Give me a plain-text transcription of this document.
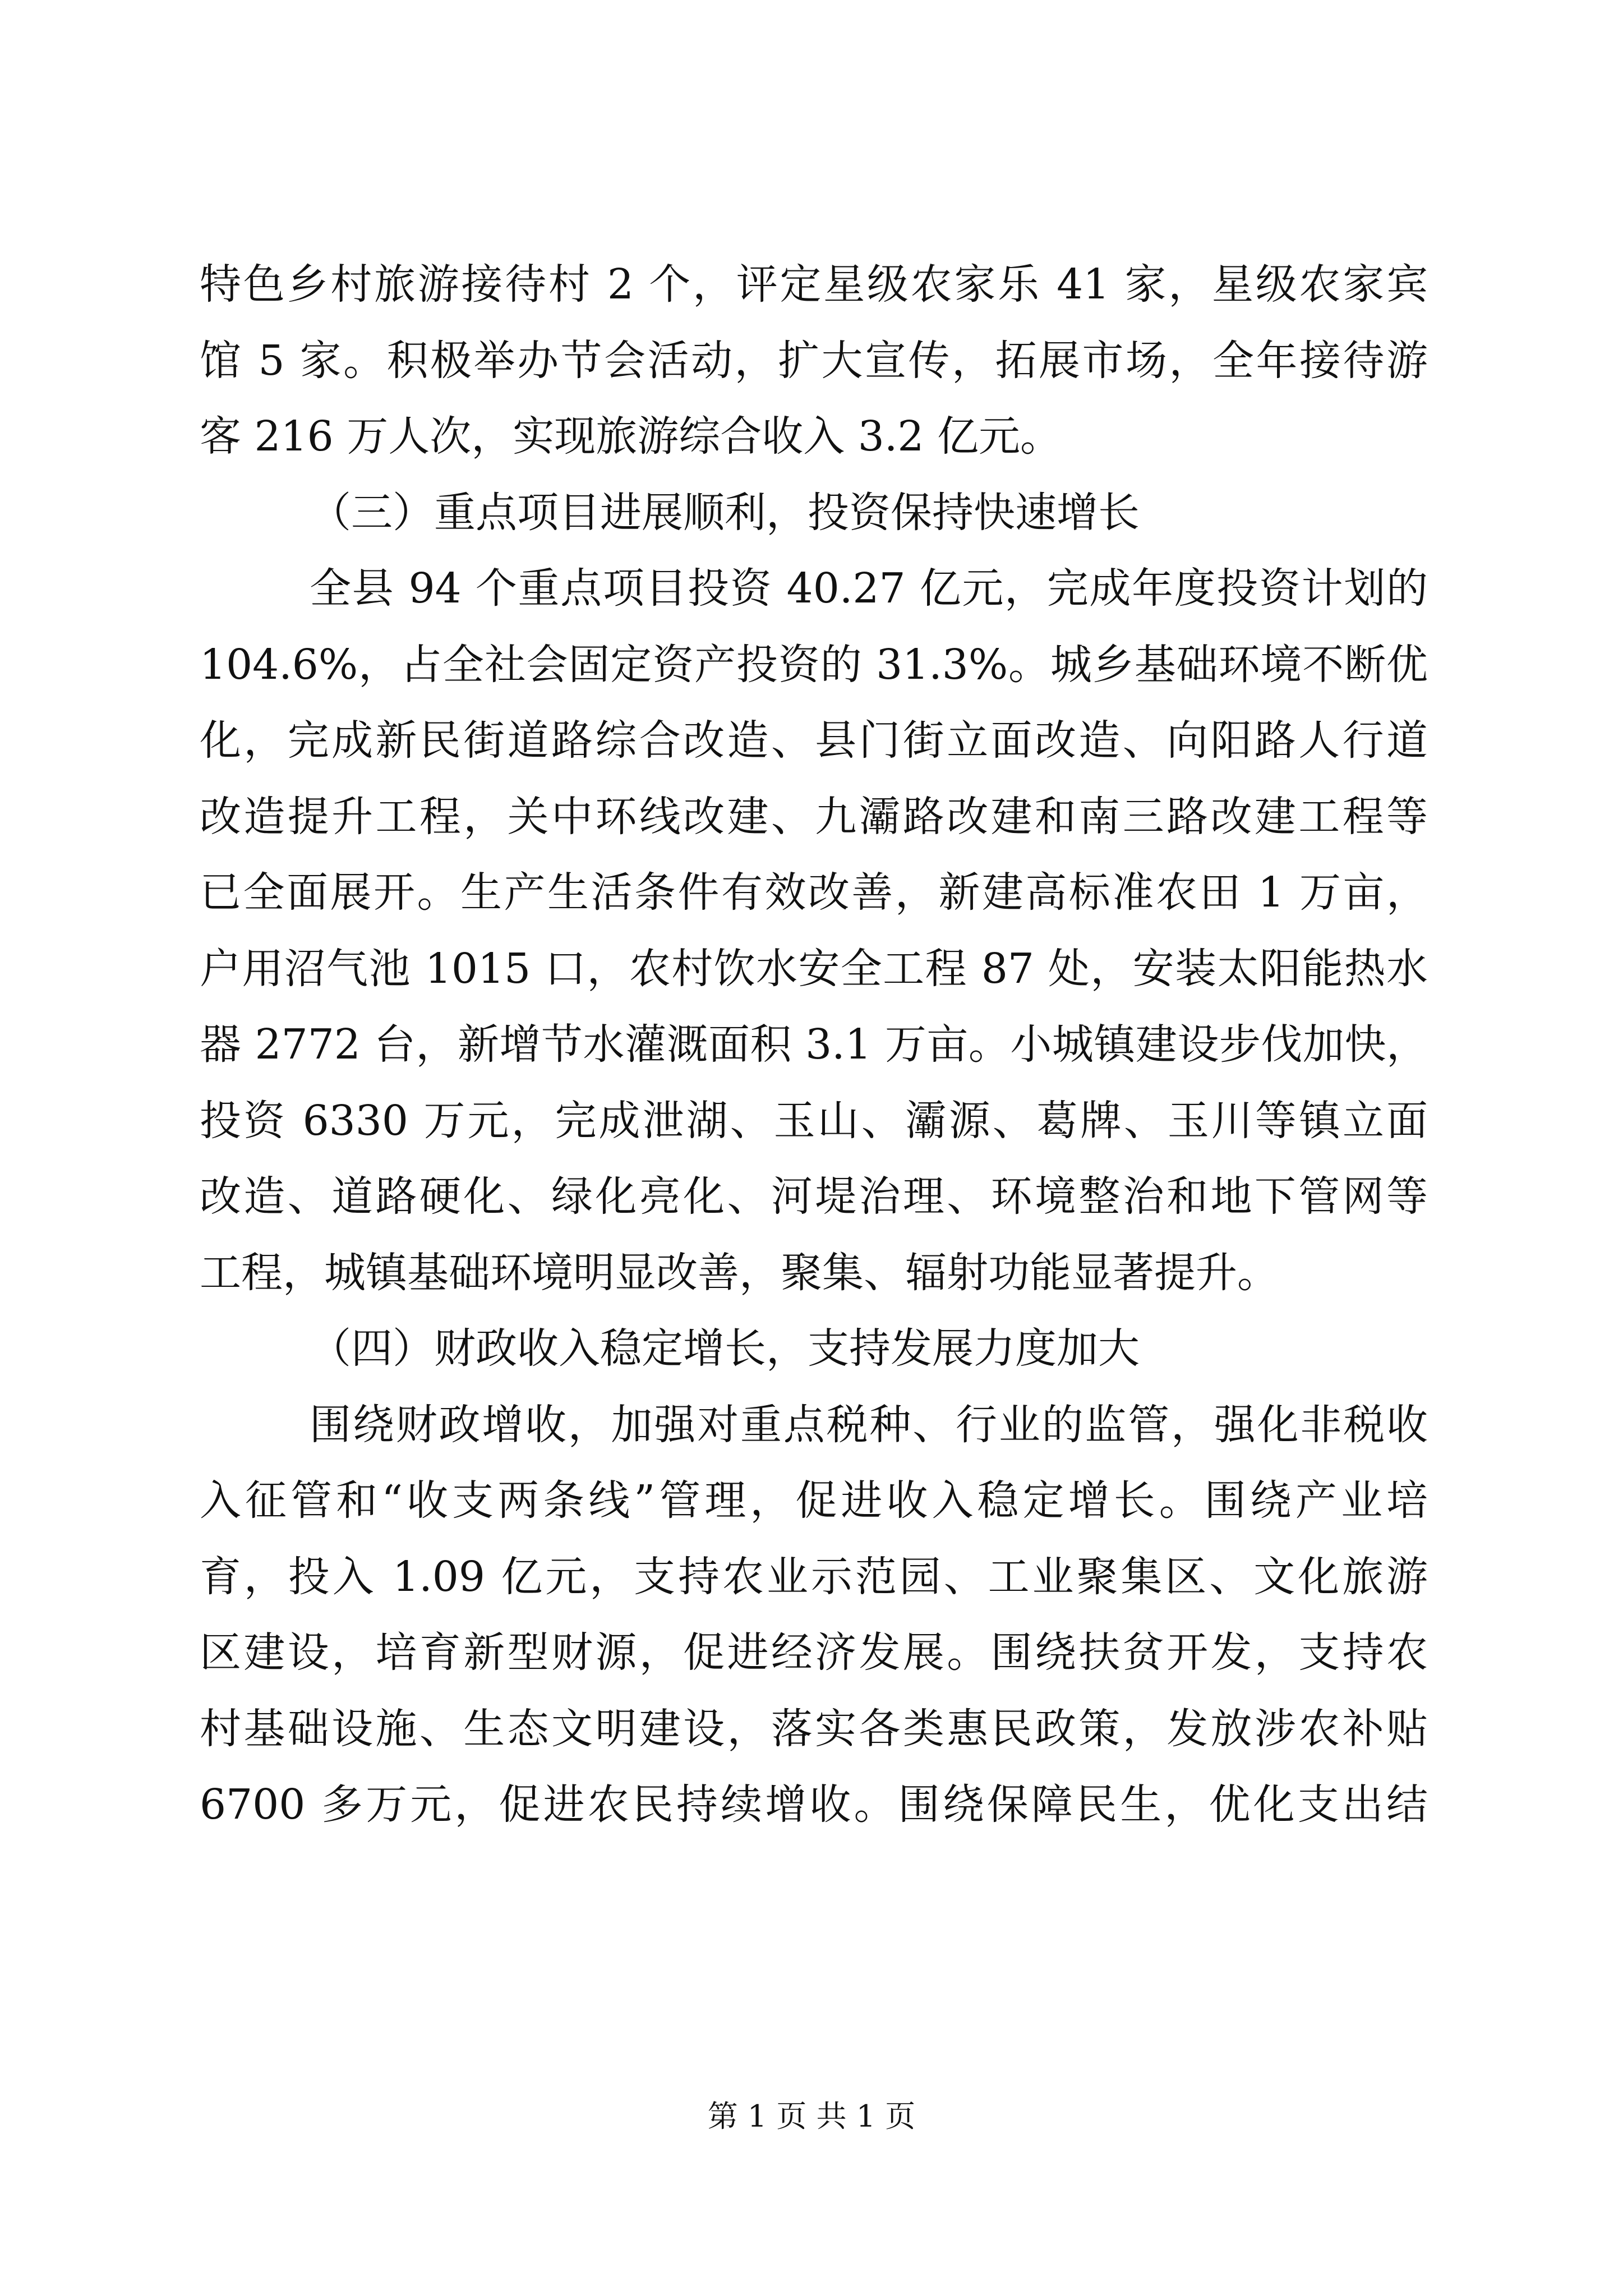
特色乡村旅游接待村 2 个，评定星级农家乐 41 家，星级农家宾
馆 5 家。积极举办节会活动，扩大宣传，拓展市场，全年接待游
客 216 万人次，实现旅游综合收入 3.2 亿元。
（三）重点项目进展顺利，投资保持快速增长
全县 94 个重点项目投资 40.27 亿元，完成年度投资计划的
104.6%，占全社会固定资产投资的 31.3%。城乡基础环境不断优
化，完成新民街道路综合改造、县门街立面改造、向阳路人行道
改造提升工程，关中环线改建、九灞路改建和南三路改建工程等
已全面展开。生产生活条件有效改善，新建高标准农田 1 万亩，
户用沼气池 1015 口，农村饮水安全工程 87 处，安装太阳能热水
器 2772 台，新增节水灌溉面积 3.1 万亩。小城镇建设步伐加快，
投资 6330 万元，完成泄湖、玉山、灞源、葛牌、玉川等镇立面
改造、道路硬化、绿化亮化、河堤治理、环境整治和地下管网等
工程，城镇基础环境明显改善，聚集、辐射功能显著提升。
（四）财政收入稳定增长，支持发展力度加大
围绕财政增收，加强对重点税种、行业的监管，强化非税收
入征管和“收支两条线”管理，促进收入稳定增长。围绕产业培
育，投入 1.09 亿元，支持农业示范园、工业聚集区、文化旅游
区建设，培育新型财源，促进经济发展。围绕扶贫开发，支持农
村基础设施、生态文明建设，落实各类惠民政策，发放涉农补贴
6700 多万元，促进农民持续增收。围绕保障民生，优化支出结
第 1 页 共 1 页
